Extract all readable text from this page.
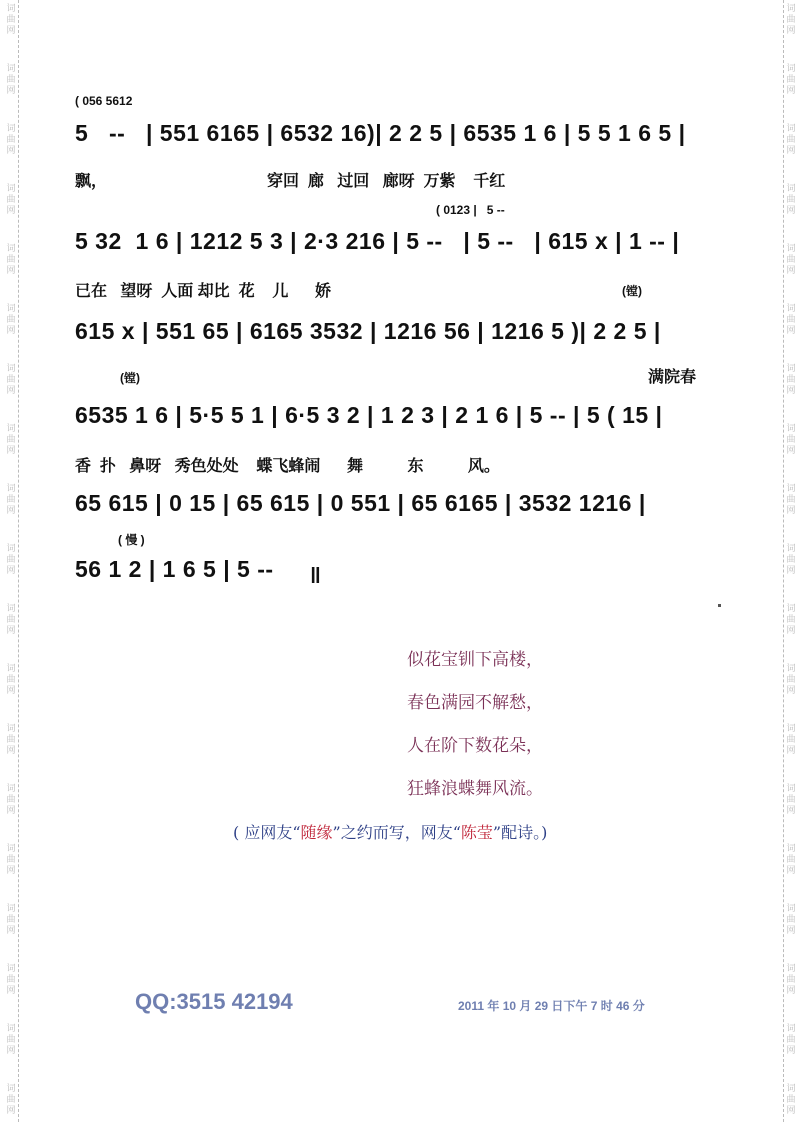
词
曲
网
词
曲
网
词
曲
网
词
曲
网
词
曲
网
词
曲
网
词
曲
网
词
曲
网
词
曲
网
词
曲
网
词
曲
网
词
曲
网
词
曲
网
词
曲
网
词
曲
网
词
曲
网
词
曲
网
词
曲
网
词
曲
网
词
曲
网
词
曲
网
词
曲
网
词
曲
网
词
曲
网
词
曲
网
词
曲
网
词
曲
网
词
曲
网
词
曲
网
词
曲
网
词
曲
网
词
曲
网
词
曲
网
词
曲
网
词
曲
网
词
曲
网
词
曲
网
词
曲
网
( 056 5612
5   --   | 551 6165 | 6532 16)| 2 2 5 | 6535 1 6 | 5 5 1 6 5 |
飘，                                    穿回  廊   过回   廊呀  万紫    千红
( 0123 |   5 --
5 32  1 6 | 1212 5 3 | 2·3 216 | 5 --   | 5 --   | 615 x | 1 -- |
已在   望呀  人面 却比  花    儿      娇	(镗)
615 x | 551 65 | 6165 3532 | 1216 56 | 1216 5 )| 2 2 5 |
(镗)	满院春
6535 1 6 | 5·5 5 1 | 6·5 3 2 | 1 2 3 | 2 1 6 | 5 -- | 5 ( 15 |
香  扑   鼻呀   秀色处处    蝶飞蜂闹      舞          东          风。
65 615 | 0 15 | 65 615 | 0 551 | 65 6165 | 3532 1216 |
( 慢 )
56 1 2 | 1 6 5 | 5 -- ‖
似花宝钏下高楼，
春色满园不解愁，
人在阶下数花朵，
狂蜂浪蝶舞风流。
( 应网友“随缘”之约而写，网友“陈莹”配诗。)
QQ:3515 42194	2011 年 10 月 29 日下午 7 时 46 分
